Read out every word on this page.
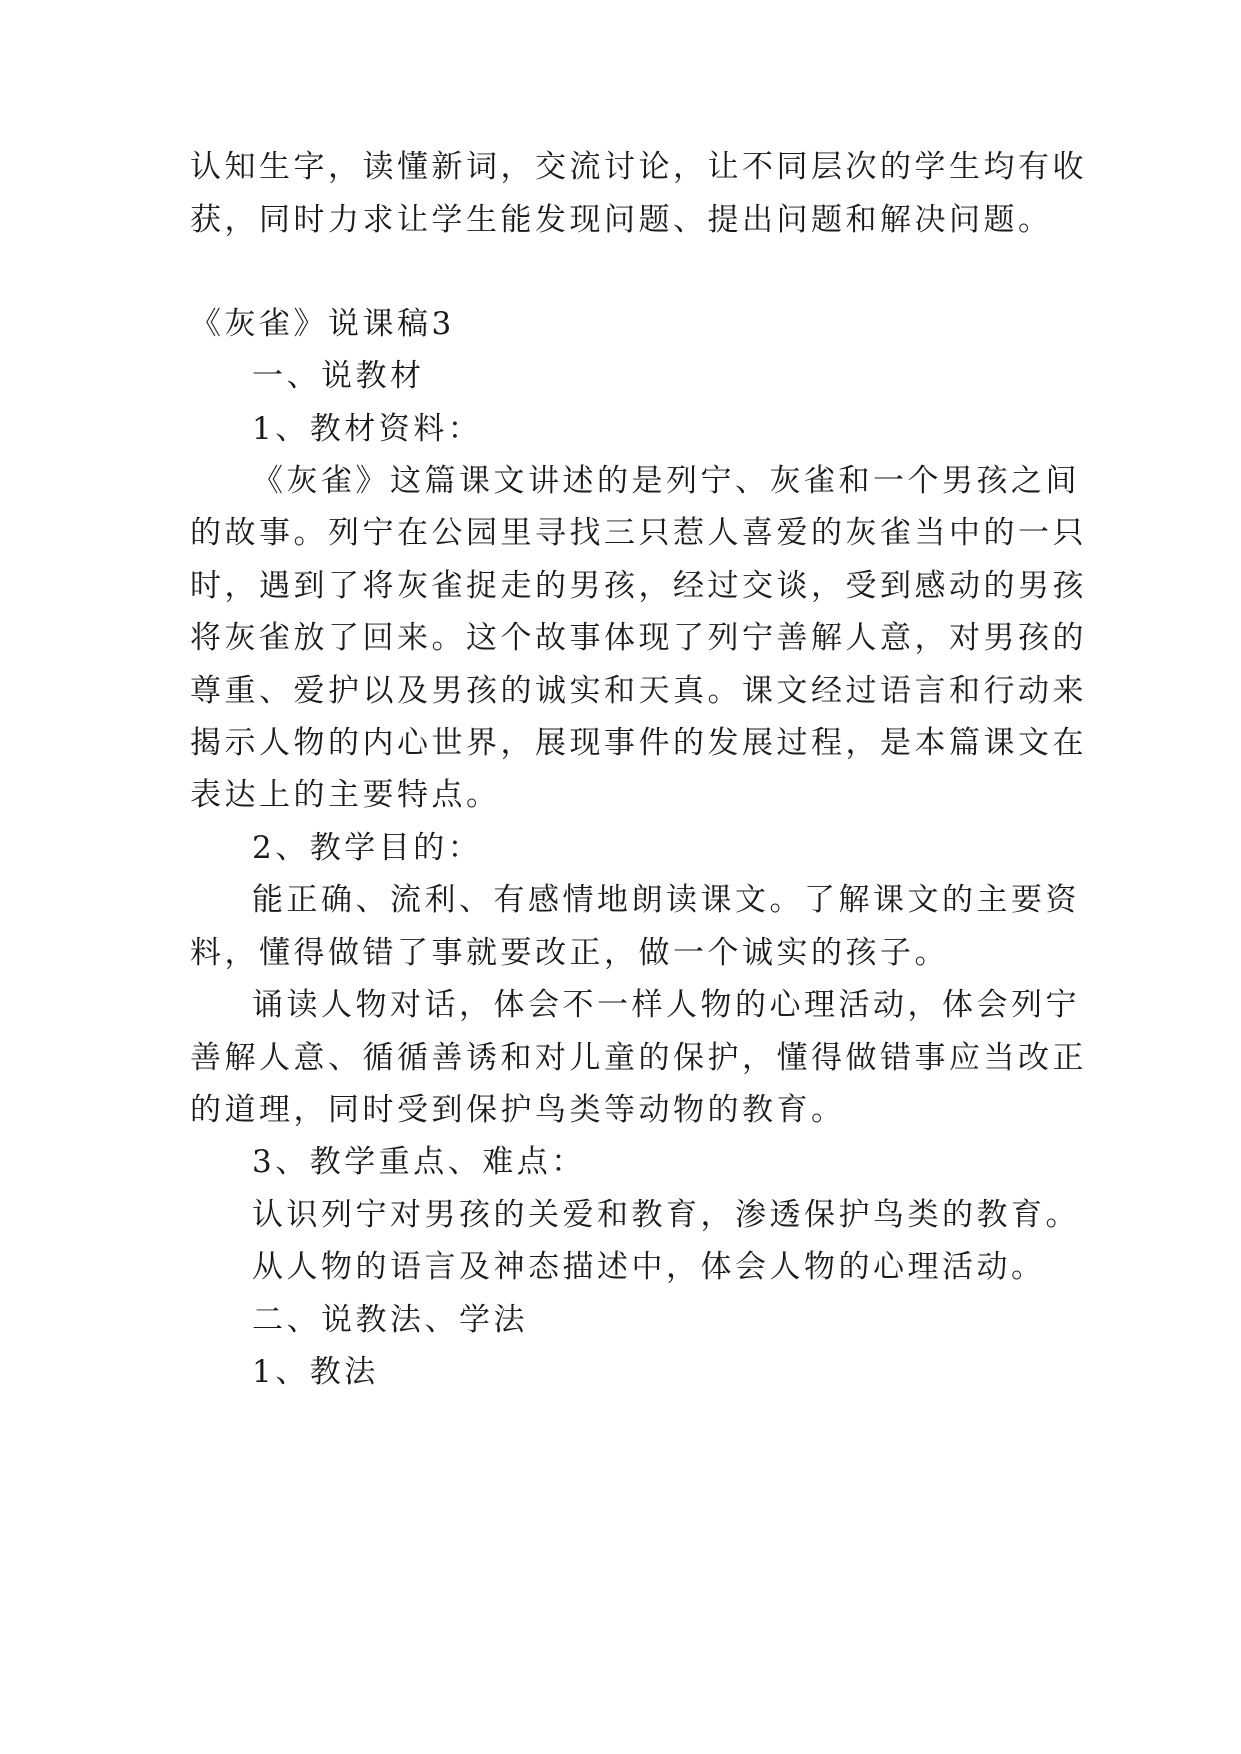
认知生字，读懂新词，交流讨论，让不同层次的学生均有收
获，同时力求让学生能发现问题、提出问题和解决问题。
《灰雀》说课稿3
一、说教材
1、教材资料：
《灰雀》这篇课文讲述的是列宁、灰雀和一个男孩之间
的故事。列宁在公园里寻找三只惹人喜爱的灰雀当中的一只
时，遇到了将灰雀捉走的男孩，经过交谈，受到感动的男孩
将灰雀放了回来。这个故事体现了列宁善解人意，对男孩的
尊重、爱护以及男孩的诚实和天真。课文经过语言和行动来
揭示人物的内心世界，展现事件的发展过程，是本篇课文在
表达上的主要特点。
2、教学目的：
能正确、流利、有感情地朗读课文。了解课文的主要资
料，懂得做错了事就要改正，做一个诚实的孩子。
诵读人物对话，体会不一样人物的心理活动，体会列宁
善解人意、循循善诱和对儿童的保护，懂得做错事应当改正
的道理，同时受到保护鸟类等动物的教育。
3、教学重点、难点：
认识列宁对男孩的关爱和教育，渗透保护鸟类的教育。
从人物的语言及神态描述中，体会人物的心理活动。
二、说教法、学法
1、教法
